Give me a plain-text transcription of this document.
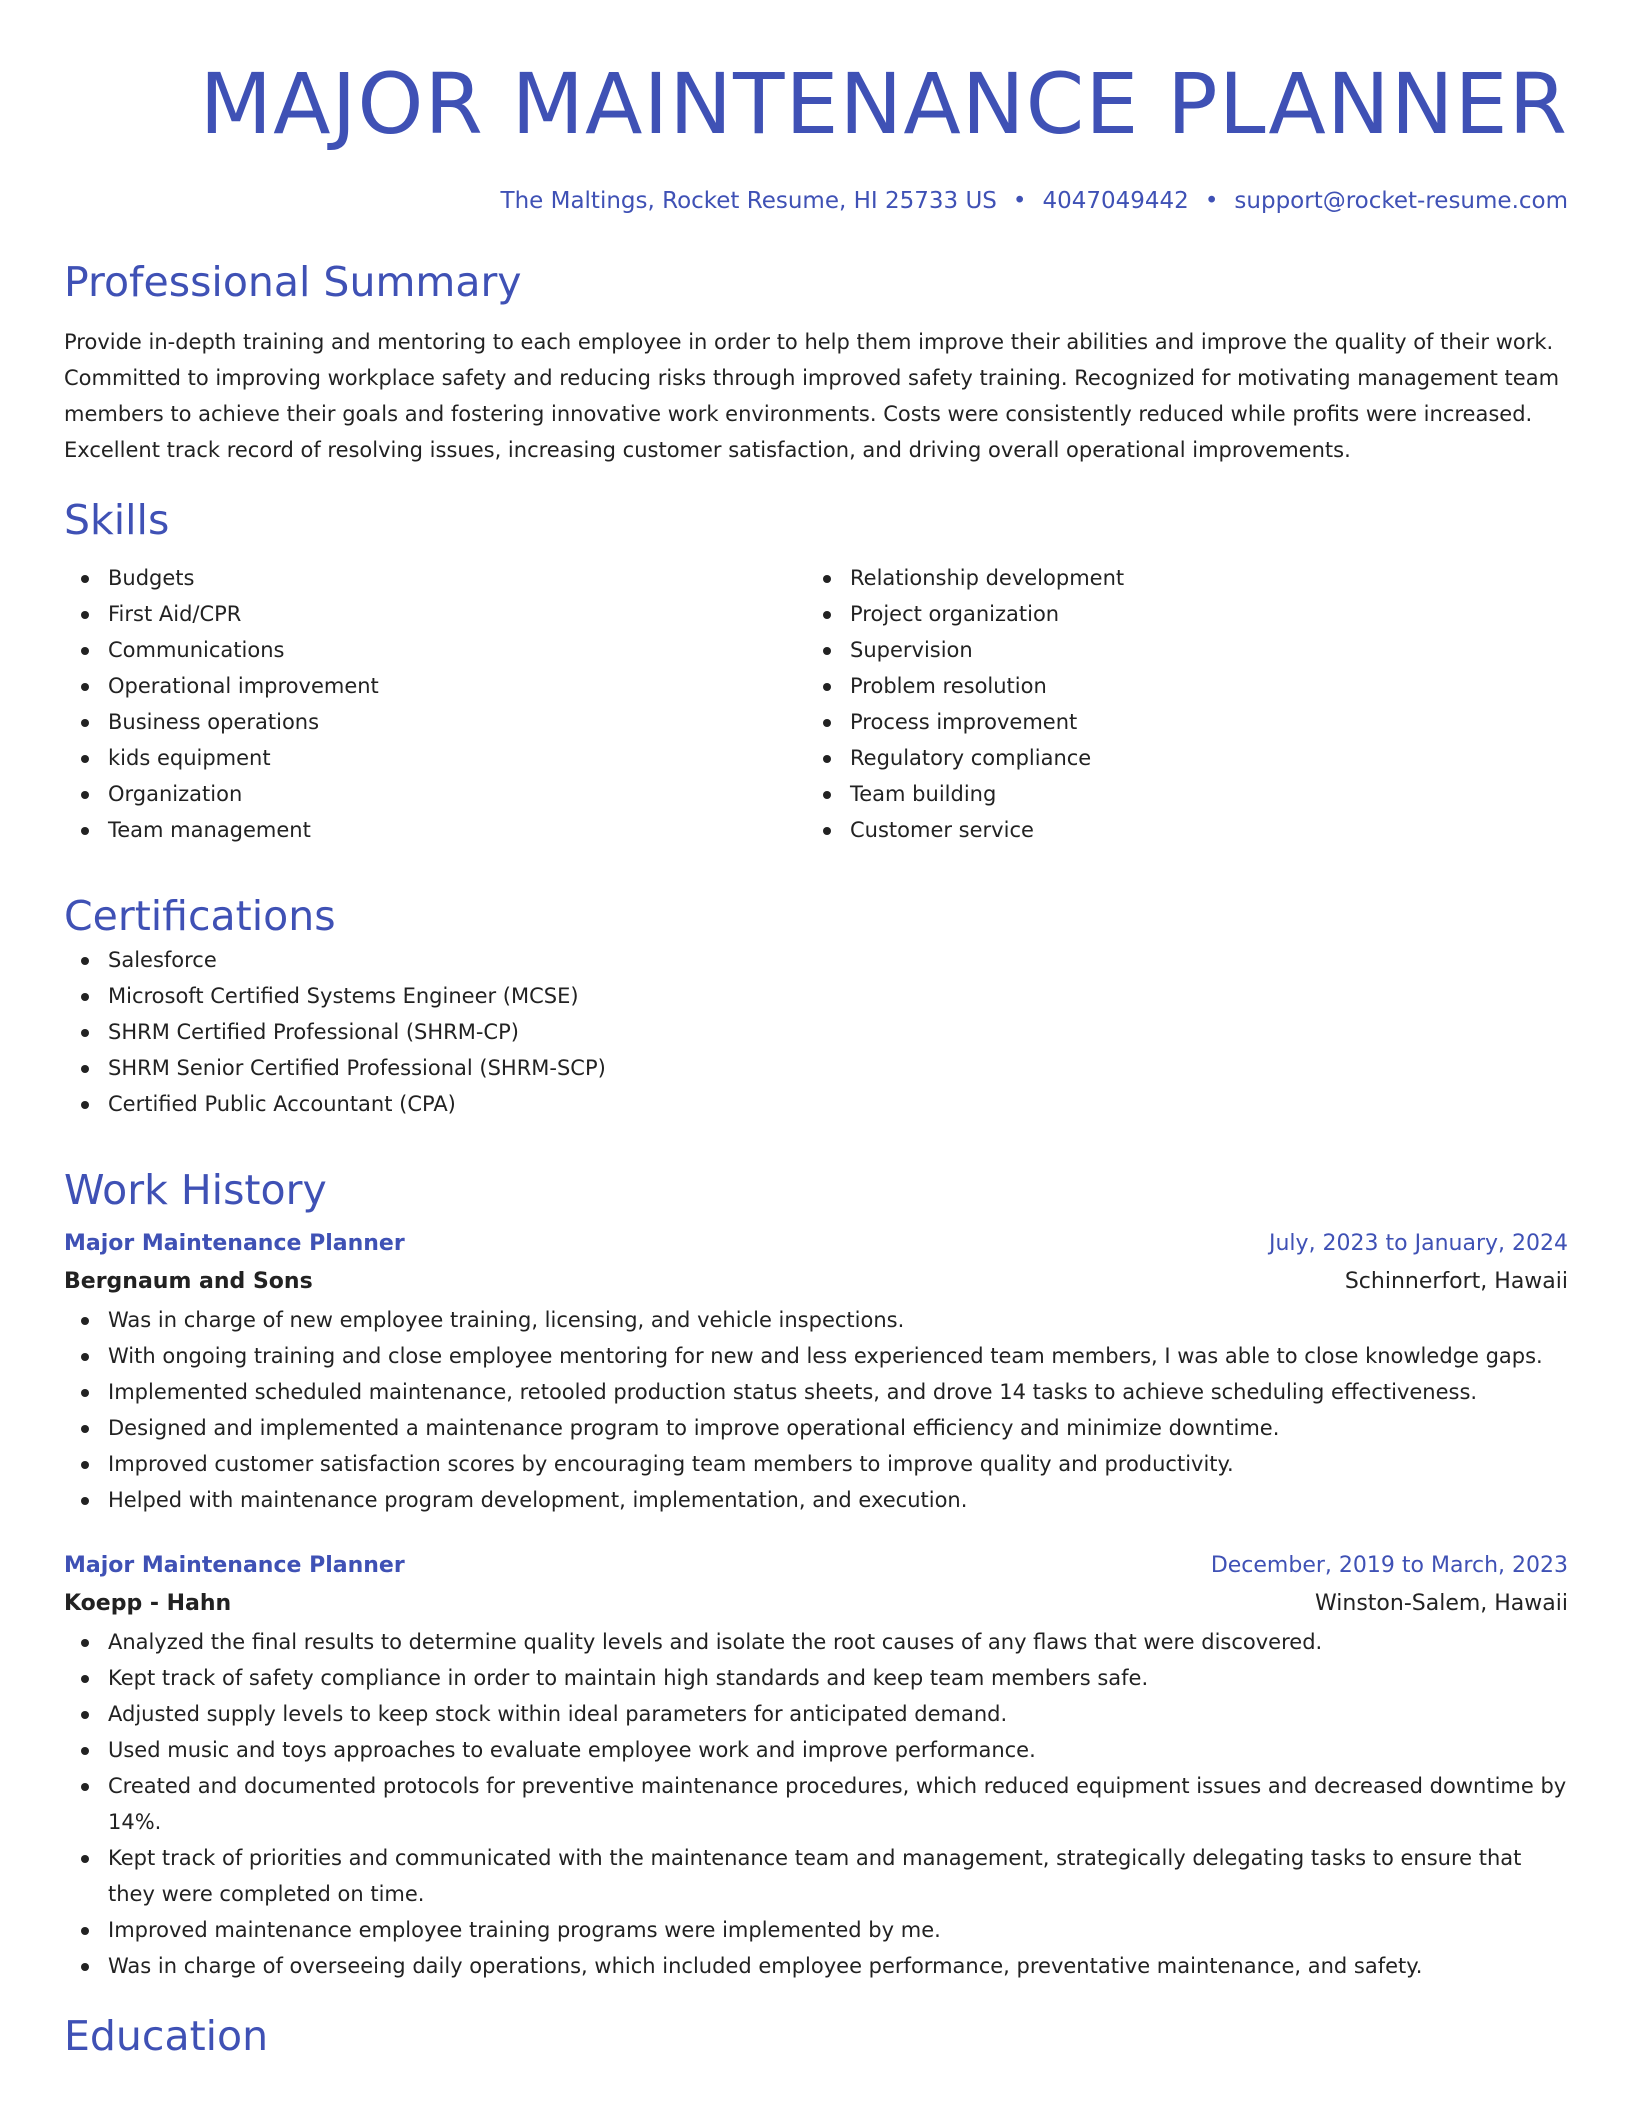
MAJOR MAINTENANCE PLANNER
The Maltings, Rocket Resume, HI 25733 US • 4047049442 • support@rocket-resume.com
Professional Summary

Provide in-depth training and mentoring to each employee in order to help them improve their abilities and improve the quality of their work. Committed to improving workplace safety and reducing risks through improved safety training. Recognized for motivating management team members to achieve their goals and fostering innovative work environments. Costs were consistently reduced while profits were increased. Excellent track record of resolving issues, increasing customer satisfaction, and driving overall operational improvements.

Skills
Budgets
First Aid/CPR
Communications
Operational improvement
Business operations
kids equipment
Organization
Team management
Relationship development
Project organization
Supervision
Problem resolution
Process improvement
Regulatory compliance
Team building
Customer service
Certifications
Salesforce
Microsoft Certified Systems Engineer (MCSE)
SHRM Certified Professional (SHRM-CP)
SHRM Senior Certified Professional (SHRM-SCP)
Certified Public Accountant (CPA)
Work History
Major Maintenance Planner	July, 2023 to January, 2024
Bergnaum and Sons	Schinnerfort, Hawaii
Was in charge of new employee training, licensing, and vehicle inspections.
With ongoing training and close employee mentoring for new and less experienced team members, I was able to close knowledge gaps.
Implemented scheduled maintenance, retooled production status sheets, and drove 14 tasks to achieve scheduling effectiveness.
Designed and implemented a maintenance program to improve operational efficiency and minimize downtime.
Improved customer satisfaction scores by encouraging team members to improve quality and productivity.
Helped with maintenance program development, implementation, and execution.
Major Maintenance Planner	December, 2019 to March, 2023
Koepp - Hahn	Winston-Salem, Hawaii
Analyzed the final results to determine quality levels and isolate the root causes of any flaws that were discovered.
Kept track of safety compliance in order to maintain high standards and keep team members safe.
Adjusted supply levels to keep stock within ideal parameters for anticipated demand.
Used music and toys approaches to evaluate employee work and improve performance.
Created and documented protocols for preventive maintenance procedures, which reduced equipment issues and decreased downtime by 14%.
Kept track of priorities and communicated with the maintenance team and management, strategically delegating tasks to ensure that they were completed on time.
Improved maintenance employee training programs were implemented by me.
Was in charge of overseeing daily operations, which included employee performance, preventative maintenance, and safety.
Education
